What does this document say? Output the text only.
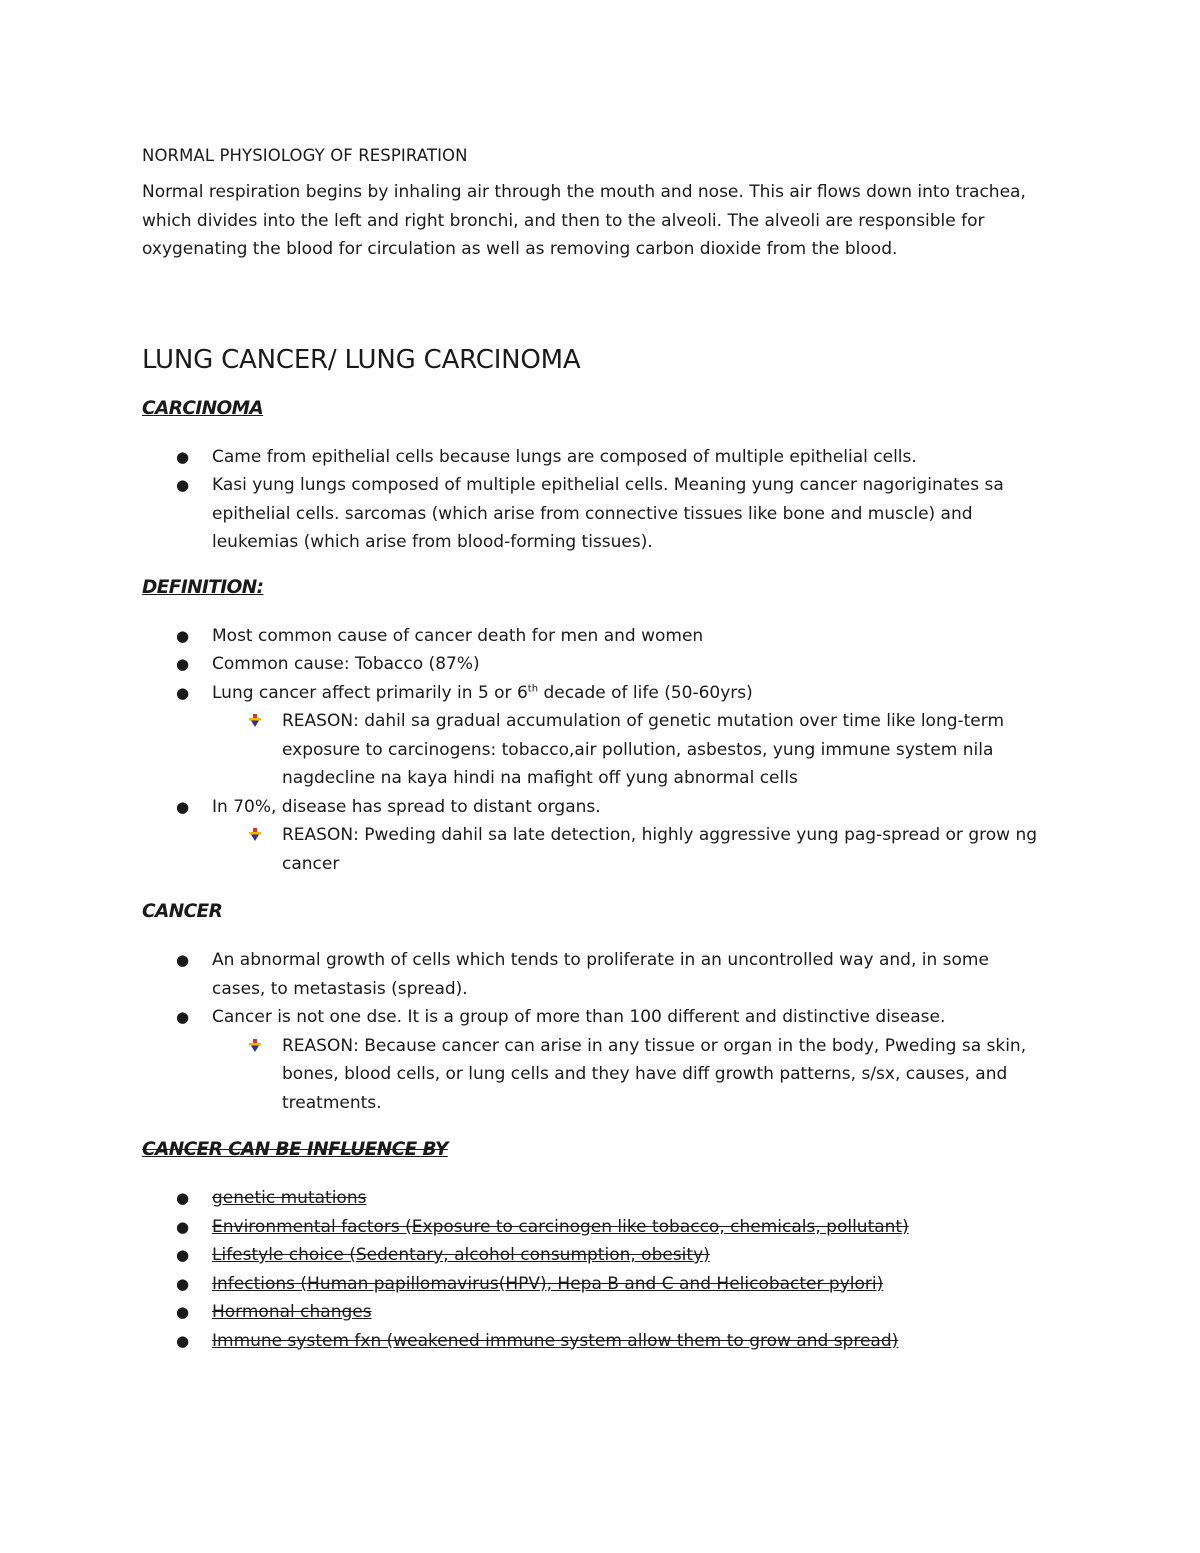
NORMAL PHYSIOLOGY OF RESPIRATION

Normal respiration begins by inhaling air through the mouth and nose. This air flows down into trachea,
which divides into the left and right bronchi, and then to the alveoli. The alveoli are responsible for
oxygenating the blood for circulation as well as removing carbon dioxide from the blood.

LUNG CANCER/ LUNG CARCINOMA
CARCINOMA
● Came from epithelial cells because lungs are composed of multiple epithelial cells.
● Kasi yung lungs composed of multiple epithelial cells. Meaning yung cancer nagoriginates sa
epithelial cells. sarcomas (which arise from connective tissues like bone and muscle) and
leukemias (which arise from blood-forming tissues).
DEFINITION:
● Most common cause of cancer death for men and women
● Common cause: Tobacco (87%)
● Lung cancer affect primarily in 5 or 6th decade of life (50-60yrs)
REASON: dahil sa gradual accumulation of genetic mutation over time like long-term
exposure to carcinogens: tobacco,air pollution, asbestos, yung immune system nila
nagdecline na kaya hindi na mafight off yung abnormal cells
● In 70%, disease has spread to distant organs.
REASON: Pweding dahil sa late detection, highly aggressive yung pag-spread or grow ng
cancer
CANCER
● An abnormal growth of cells which tends to proliferate in an uncontrolled way and, in some
cases, to metastasis (spread).
● Cancer is not one dse. It is a group of more than 100 different and distinctive disease.
REASON: Because cancer can arise in any tissue or organ in the body, Pweding sa skin,
bones, blood cells, or lung cells and they have diff growth patterns, s/sx, causes, and
treatments.
CANCER CAN BE INFLUENCE BY
● genetic mutations
● Environmental factors (Exposure to carcinogen like tobacco, chemicals, pollutant)
● Lifestyle choice (Sedentary, alcohol consumption, obesity)
● Infections (Human papillomavirus(HPV), Hepa B and C and Helicobacter pylori)
● Hormonal changes
● Immune system fxn (weakened immune system allow them to grow and spread)
